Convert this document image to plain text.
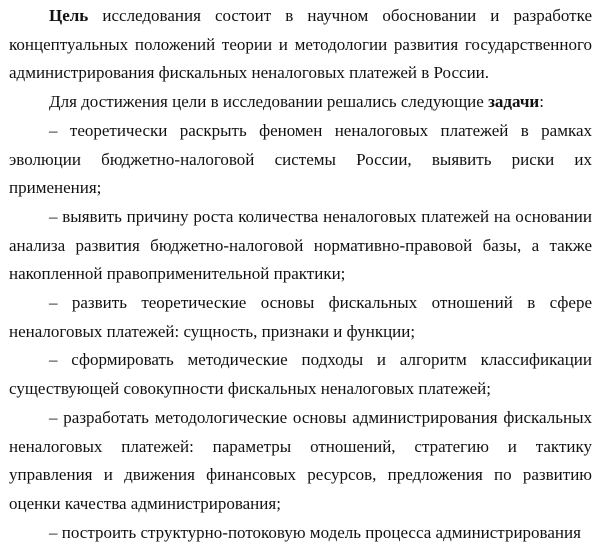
Цель исследования состоит в научном обосновании и разработке концептуальных положений теории и методологии развития государственного администрирования фискальных неналоговых платежей в России.

Для достижения цели в исследовании решались следующие задачи:

– теоретически раскрыть феномен неналоговых платежей в рамках эволюции бюджетно-налоговой системы России, выявить риски их применения;

– выявить причину роста количества неналоговых платежей на основании анализа развития бюджетно-налоговой нормативно-правовой базы, а также накопленной правоприменительной практики;

– развить теоретические основы фискальных отношений в сфере неналоговых платежей: сущность, признаки и функции;

– сформировать методические подходы и алгоритм классификации существующей совокупности фискальных неналоговых платежей;

– разработать методологические основы администрирования фискальных неналоговых платежей: параметры отношений, стратегию и тактику управления и движения финансовых ресурсов, предложения по развитию оценки качества администрирования;

– построить структурно-потоковую модель процесса администрирования
